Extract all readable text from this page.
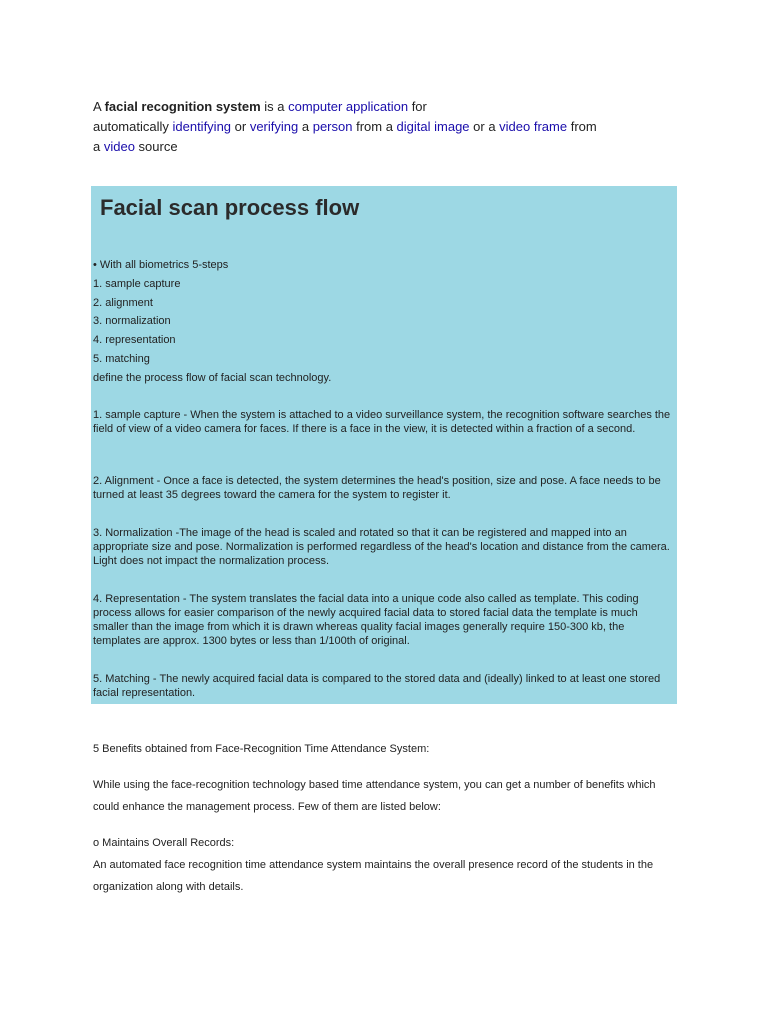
A facial recognition system is a computer application for
automatically identifying or verifying a person from a digital image or a video frame from
a video source
Facial scan process flow
• With all biometrics 5-steps
1. sample capture
2. alignment
3. normalization
4. representation
5. matching
define the process flow of facial scan technology.

1. sample capture - When the system is attached to a video surveillance system, the recognition software searches the field of view of a video camera for faces. If there is a face in the view, it is detected within a fraction of a second.

2. Alignment - Once a face is detected, the system determines the head's position, size and pose. A face needs to be turned at least 35 degrees toward the camera for the system to register it.

3. Normalization -The image of the head is scaled and rotated so that it can be registered and mapped into an appropriate size and pose. Normalization is performed regardless of the head's location and distance from the camera. Light does not impact the normalization process.

4. Representation - The system translates the facial data into a unique code also called as template. This coding process allows for easier comparison of the newly acquired facial data to stored facial data the template is much smaller than the image from which it is drawn whereas quality facial images generally require 150-300 kb, the templates are approx. 1300 bytes or less than 1/100th of original.

5. Matching - The newly acquired facial data is compared to the stored data and (ideally) linked to at least one stored facial representation.

5 Benefits obtained from Face-Recognition Time Attendance System:

While using the face-recognition technology based time attendance system, you can get a number of benefits which could enhance the management process. Few of them are listed below:

o Maintains Overall Records:

An automated face recognition time attendance system maintains the overall presence record of the students in the organization along with details.
